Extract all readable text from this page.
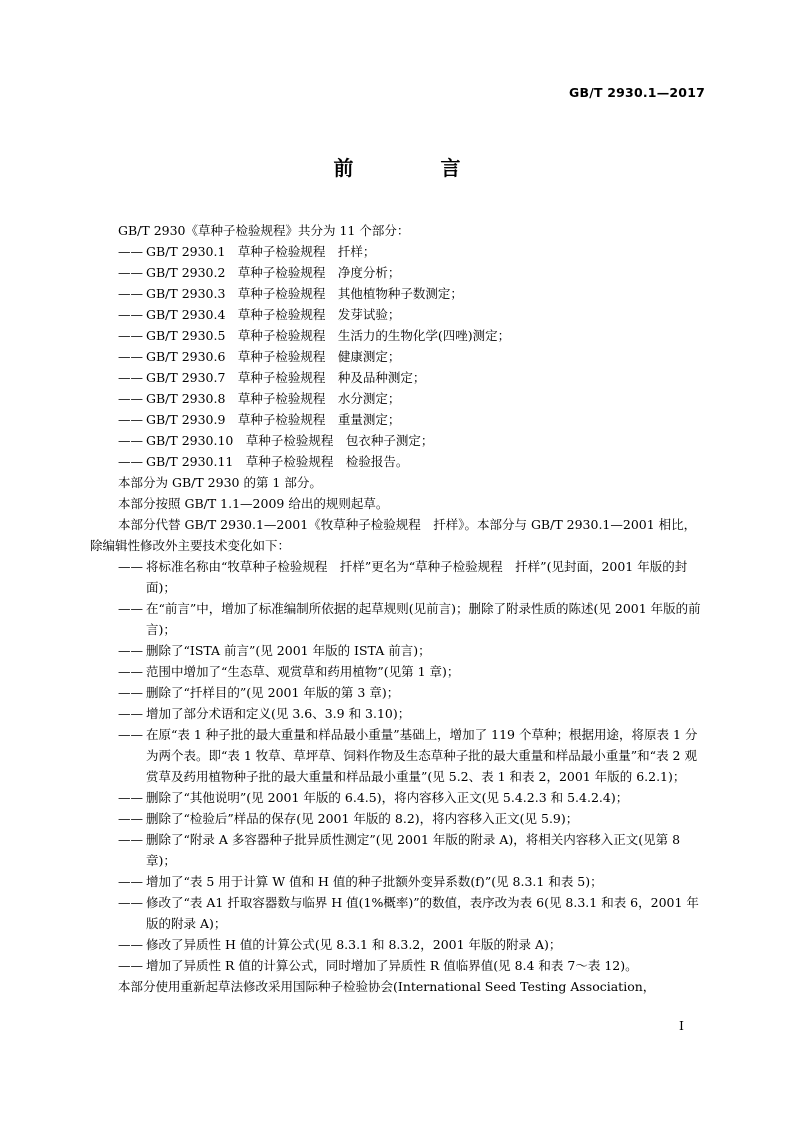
GB/T 2930.1—2017
前 言

GB/T 2930《草种子检验规程》共分为 11 个部分：

—— GB/T 2930.1　草种子检验规程　扦样；

—— GB/T 2930.2　草种子检验规程　净度分析；

—— GB/T 2930.3　草种子检验规程　其他植物种子数测定；

—— GB/T 2930.4　草种子检验规程　发芽试验；

—— GB/T 2930.5　草种子检验规程　生活力的生物化学(四唑)测定；

—— GB/T 2930.6　草种子检验规程　健康测定；

—— GB/T 2930.7　草种子检验规程　种及品种测定；

—— GB/T 2930.8　草种子检验规程　水分测定；

—— GB/T 2930.9　草种子检验规程　重量测定；

—— GB/T 2930.10　草种子检验规程　包衣种子测定；

—— GB/T 2930.11　草种子检验规程　检验报告。

本部分为 GB/T 2930 的第 1 部分。

本部分按照 GB/T 1.1—2009 给出的规则起草。

本部分代替 GB/T 2930.1—2001《牧草种子检验规程　扦样》。本部分与 GB/T 2930.1—2001 相比，除编辑性修改外主要技术变化如下：

—— 将标准名称由“牧草种子检验规程　扦样”更名为“草种子检验规程　扦样”(见封面，2001 年版的封面)；

—— 在“前言”中，增加了标准编制所依据的起草规则(见前言)；删除了附录性质的陈述(见 2001 年版的前言)；

—— 删除了“ISTA 前言”(见 2001 年版的 ISTA 前言)；

—— 范围中增加了“生态草、观赏草和药用植物”(见第 1 章)；

—— 删除了“扦样目的”(见 2001 年版的第 3 章)；

—— 增加了部分术语和定义(见 3.6、3.9 和 3.10)；

—— 在原“表 1 种子批的最大重量和样品最小重量”基础上，增加了 119 个草种；根据用途，将原表 1 分为两个表。即“表 1 牧草、草坪草、饲料作物及生态草种子批的最大重量和样品最小重量”和“表 2 观赏草及药用植物种子批的最大重量和样品最小重量”(见 5.2、表 1 和表 2，2001 年版的 6.2.1)；

—— 删除了“其他说明”(见 2001 年版的 6.4.5)，将内容移入正文(见 5.4.2.3 和 5.4.2.4)；

—— 删除了“检验后”样品的保存(见 2001 年版的 8.2)，将内容移入正文(见 5.9)；

—— 删除了“附录 A 多容器种子批异质性测定”(见 2001 年版的附录 A)，将相关内容移入正文(见第 8 章)；

—— 增加了“表 5 用于计算 W 值和 H 值的种子批额外变异系数(f)”(见 8.3.1 和表 5)；

—— 修改了“表 A1 扦取容器数与临界 H 值(1%概率)”的数值，表序改为表 6(见 8.3.1 和表 6，2001 年版的附录 A)；

—— 修改了异质性 H 值的计算公式(见 8.3.1 和 8.3.2，2001 年版的附录 A)；

—— 增加了异质性 R 值的计算公式，同时增加了异质性 R 值临界值(见 8.4 和表 7～表 12)。

本部分使用重新起草法修改采用国际种子检验协会(International Seed Testing Association，

I
